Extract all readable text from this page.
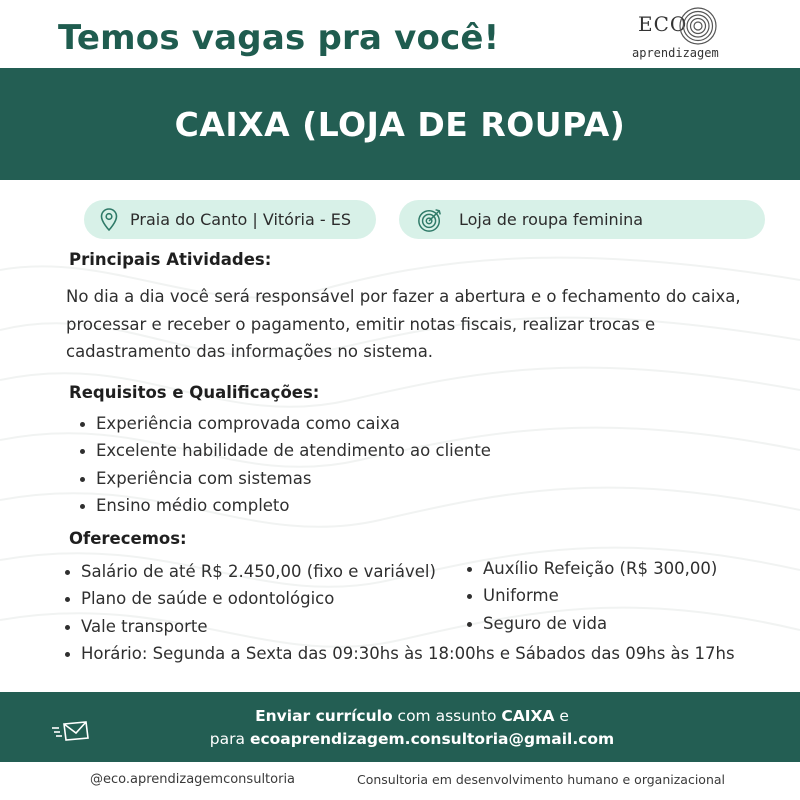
Temos vagas pra você!	ECO
aprendizagem
CAIXA (LOJA DE ROUPA)
Praia do Canto | Vitória - ES	Loja de roupa feminina
Principais Atividades:
No dia a dia você será responsável por fazer a abertura e o fechamento do caixa, processar e receber o pagamento, emitir notas fiscais, realizar trocas e cadastramento das informações no sistema.
Requisitos e Qualificações:
Experiência comprovada como caixa
Excelente habilidade de atendimento ao cliente
Experiência com sistemas
Ensino médio completo
Oferecemos:
Salário de até R$ 2.450,00 (fixo e variável)
Plano de saúde e odontológico
Vale transporte
Auxílio Refeição (R$ 300,00)
Uniforme
Seguro de vida
Horário: Segunda a Sexta das 09:30hs às 18:00hs e Sábados das 09hs às 17hs
Enviar currículo com assunto CAIXA e
para ecoaprendizagem.consultoria@gmail.com
@eco.aprendizagemconsultoria	Consultoria em desenvolvimento humano e organizacional
